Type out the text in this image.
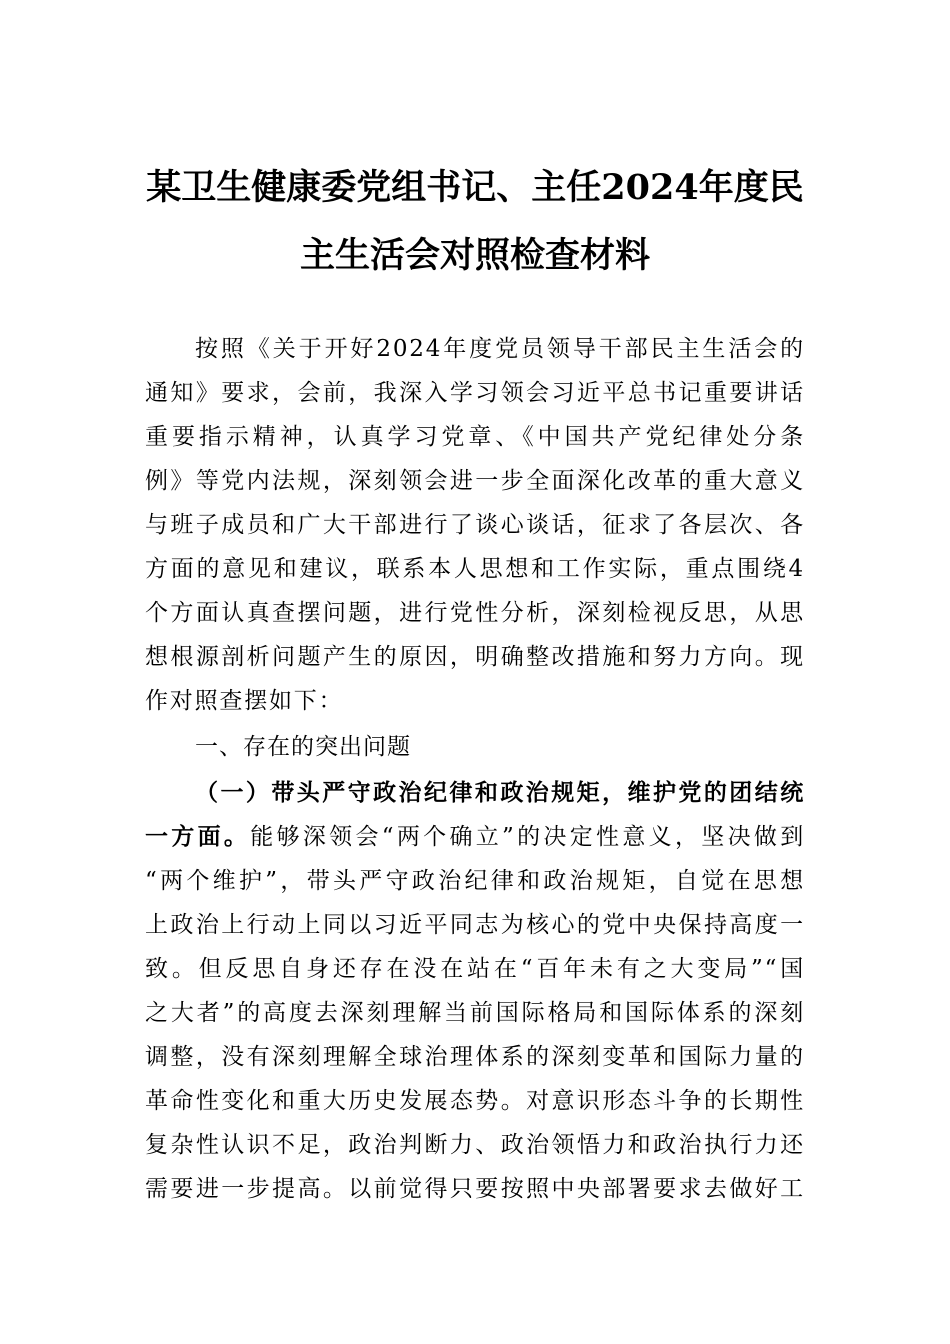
某卫生健康委党组书记、主任2024年度民
主生活会对照检查材料
按照《关于开好2024年度党员领导干部民主生活会的
通知》要求，会前，我深入学习领会习近平总书记重要讲话
重要指示精神，认真学习党章、《中国共产党纪律处分条
例》等党内法规，深刻领会进一步全面深化改革的重大意义
与班子成员和广大干部进行了谈心谈话，征求了各层次、各
方面的意见和建议，联系本人思想和工作实际，重点围绕4
个方面认真查摆问题，进行党性分析，深刻检视反思，从思
想根源剖析问题产生的原因，明确整改措施和努力方向。现
作对照查摆如下：
一、存在的突出问题
（一）带头严守政治纪律和政治规矩，维护党的团结统
一方面。能够深领会“两个确立”的决定性意义，坚决做到
“两个维护”，带头严守政治纪律和政治规矩，自觉在思想
上政治上行动上同以习近平同志为核心的党中央保持高度一
致。但反思自身还存在没在站在“百年未有之大变局”“国
之大者”的高度去深刻理解当前国际格局和国际体系的深刻
调整，没有深刻理解全球治理体系的深刻变革和国际力量的
革命性变化和重大历史发展态势。对意识形态斗争的长期性
复杂性认识不足，政治判断力、政治领悟力和政治执行力还
需要进一步提高。以前觉得只要按照中央部署要求去做好工
